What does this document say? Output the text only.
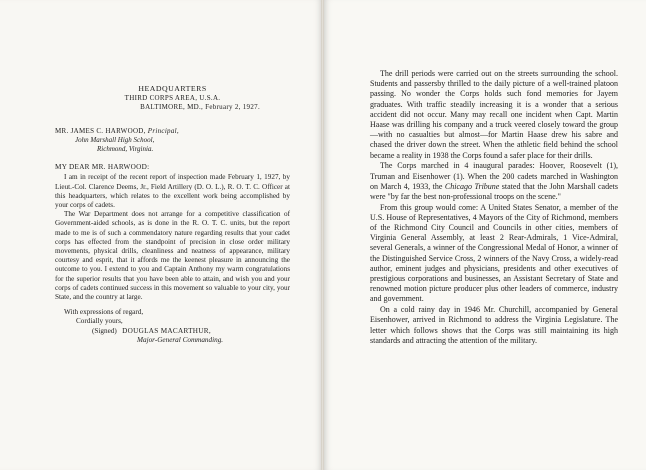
HEADQUARTERS
THIRD CORPS AREA, U.S.A.
BALTIMORE, MD., February 2, 1927.
MR. JAMES C. HARWOOD, Principal,
John Marshall High School,
Richmond, Virginia.
MY DEAR MR. HARWOOD:

I am in receipt of the recent report of inspection made February 1, 1927, by Lieut.-Col. Clarence Deems, Jr., Field Artillery (D. O. L.), R. O. T. C. Officer at this headquarters, which relates to the excellent work being accomplished by your corps of cadets.

The War Department does not arrange for a competitive classification of Government-aided schools, as is done in the R. O. T. C. units, but the report made to me is of such a commendatory nature regarding results that your cadet corps has effected from the standpoint of precision in close order military movements, physical drills, cleanliness and neatness of appearance, military courtesy and esprit, that it affords me the keenest pleasure in announcing the outcome to you. I extend to you and Captain Anthony my warm congratulations for the superior results that you have been able to attain, and wish you and your corps of cadets continued success in this movement so valuable to your city, your State, and the country at large.

With expressions of regard,
Cordially yours,
(Signed) DOUGLAS MACARTHUR,
Major-General Commanding.

The drill periods were carried out on the streets surrounding the school. Students and passersby thrilled to the daily picture of a well-trained platoon passing. No wonder the Corps holds such fond memories for Jayem graduates. With traffic steadily increasing it is a wonder that a serious accident did not occur. Many may recall one incident when Capt. Martin Haase was drilling his company and a truck veered closely toward the group—with no casualties but almost—for Martin Haase drew his sabre and chased the driver down the street. When the athletic field behind the school became a reality in 1938 the Corps found a safer place for their drills.

The Corps marched in 4 inaugural parades: Hoover, Roosevelt (1), Truman and Eisenhower (1). When the 200 cadets marched in Washington on March 4, 1933, the Chicago Tribune stated that the John Marshall cadets were "by far the best non-professional troops on the scene."

From this group would come: A United States Senator, a member of the U.S. House of Representatives, 4 Mayors of the City of Richmond, members of the Richmond City Council and Councils in other cities, members of Virginia General Assembly, at least 2 Rear-Admirals, 1 Vice-Admiral, several Generals, a winner of the Congressional Medal of Honor, a winner of the Distinguished Service Cross, 2 winners of the Navy Cross, a widely-read author, eminent judges and physicians, presidents and other executives of prestigious corporations and businesses, an Assistant Secretary of State and renowned motion picture producer plus other leaders of commerce, industry and government.

On a cold rainy day in 1946 Mr. Churchill, accompanied by General Eisenhower, arrived in Richmond to address the Virginia Legislature. The letter which follows shows that the Corps was still maintaining its high standards and attracting the attention of the military.
